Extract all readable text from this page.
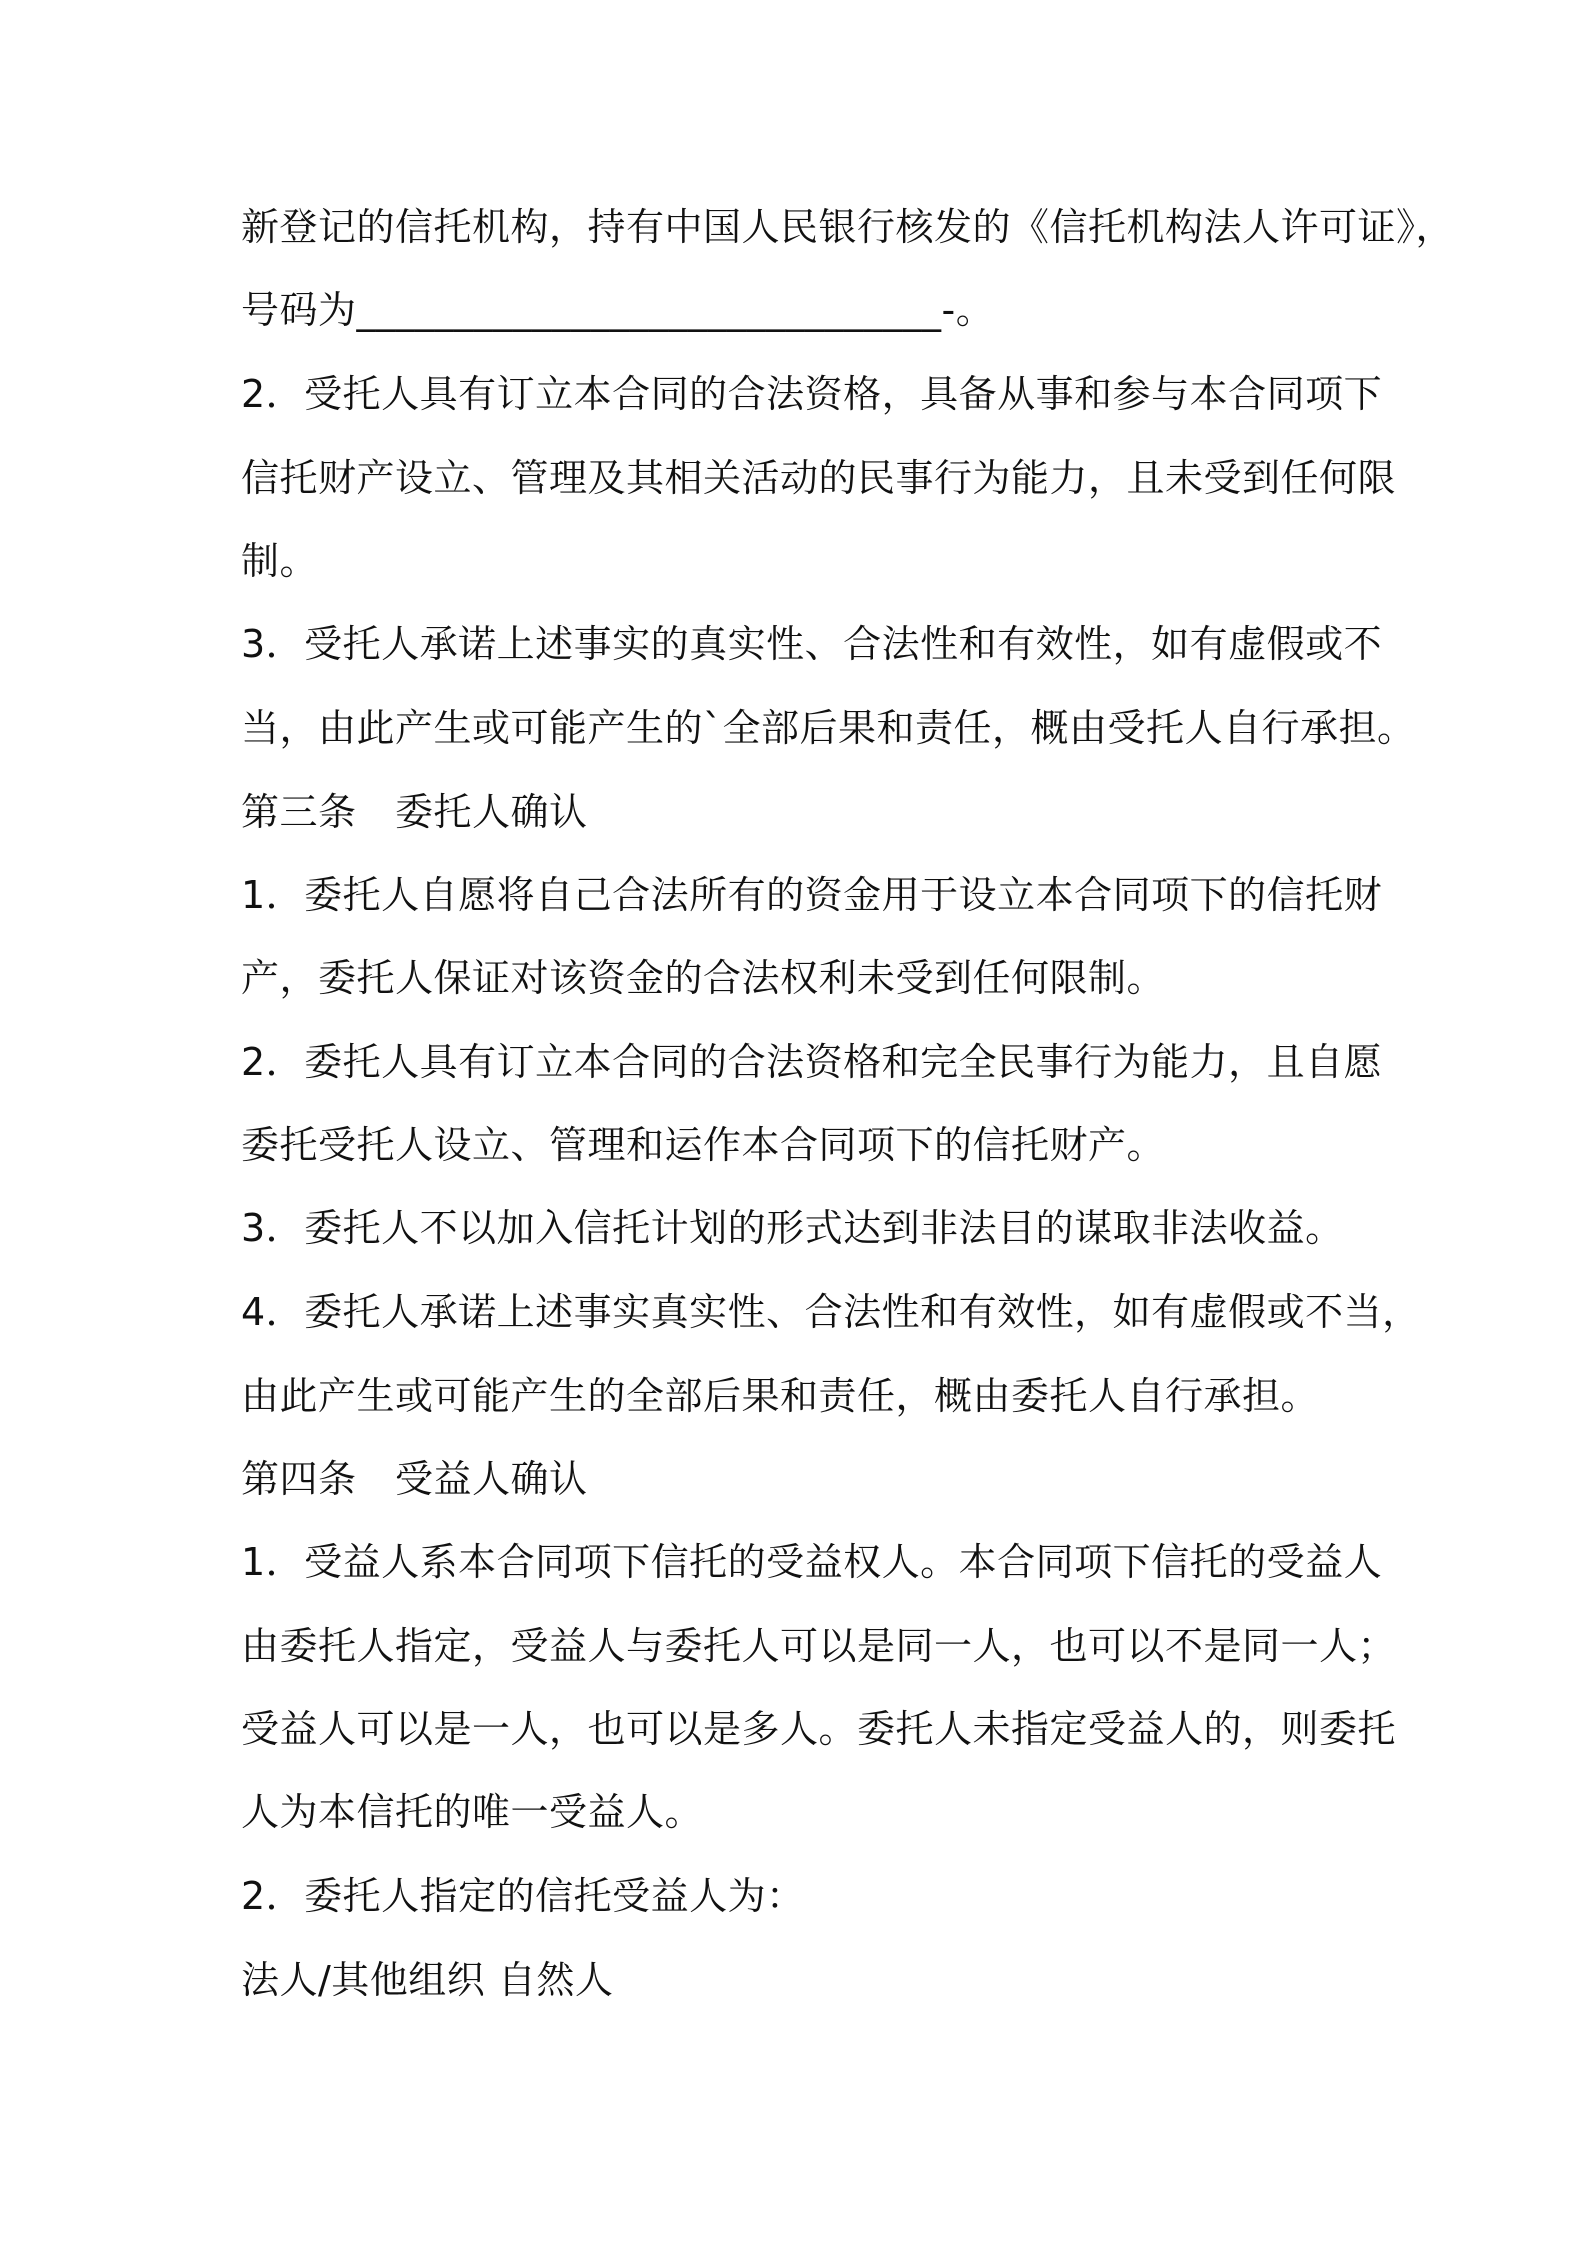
新登记的信托机构，持有中国人民银行核发的《信托机构法人许可证》，
号码为______________________________-。
2．受托人具有订立本合同的合法资格，具备从事和参与本合同项下
信托财产设立、管理及其相关活动的民事行为能力，且未受到任何限
制。
3．受托人承诺上述事实的真实性、合法性和有效性，如有虚假或不
当，由此产生或可能产生的`全部后果和责任，概由受托人自行承担。
第三条　委托人确认
1．委托人自愿将自己合法所有的资金用于设立本合同项下的信托财
产，委托人保证对该资金的合法权利未受到任何限制。
2．委托人具有订立本合同的合法资格和完全民事行为能力，且自愿
委托受托人设立、管理和运作本合同项下的信托财产。
3．委托人不以加入信托计划的形式达到非法目的谋取非法收益。
4．委托人承诺上述事实真实性、合法性和有效性，如有虚假或不当，
由此产生或可能产生的全部后果和责任，概由委托人自行承担。
第四条　受益人确认
1．受益人系本合同项下信托的受益权人。本合同项下信托的受益人
由委托人指定，受益人与委托人可以是同一人，也可以不是同一人；
受益人可以是一人，也可以是多人。委托人未指定受益人的，则委托
人为本信托的唯一受益人。
2．委托人指定的信托受益人为：
法人/其他组织 自然人
